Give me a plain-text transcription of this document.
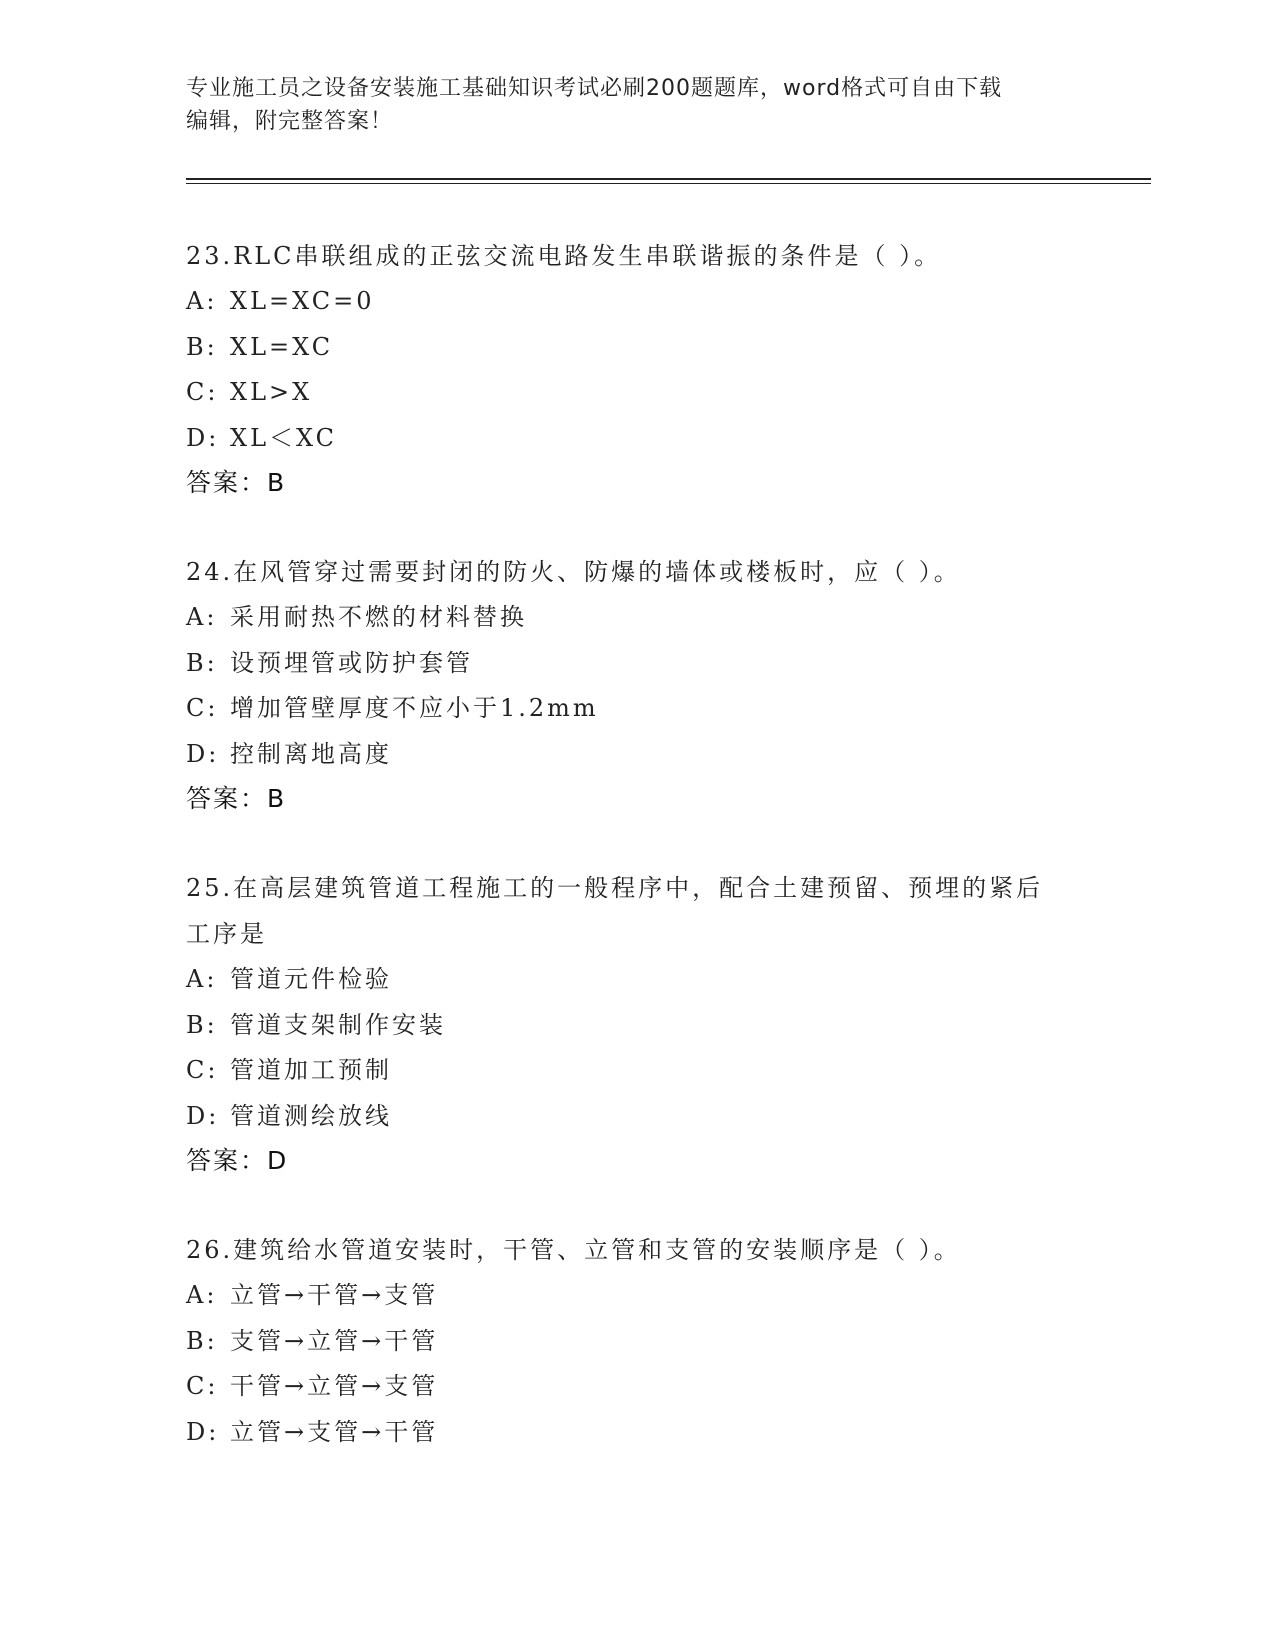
专业施工员之设备安装施工基础知识考试必刷200题题库，word格式可自由下载
编辑，附完整答案！

23.RLC串联组成的正弦交流电路发生串联谐振的条件是（ ）。

A: XL=XC=0

B: XL=XC

C: XL>X

D: XL＜XC

答案：B

24.在风管穿过需要封闭的防火、防爆的墙体或楼板时，应（ ）。

A: 采用耐热不燃的材料替换

B: 设预埋管或防护套管

C: 增加管壁厚度不应小于1.2mm

D: 控制离地高度

答案：B

25.在高层建筑管道工程施工的一般程序中，配合土建预留、预埋的紧后工序是

A: 管道元件检验

B: 管道支架制作安装

C: 管道加工预制

D: 管道测绘放线

答案：D

26.建筑给水管道安装时，干管、立管和支管的安装顺序是（ ）。

A: 立管→干管→支管

B: 支管→立管→干管

C: 干管→立管→支管

D: 立管→支管→干管
